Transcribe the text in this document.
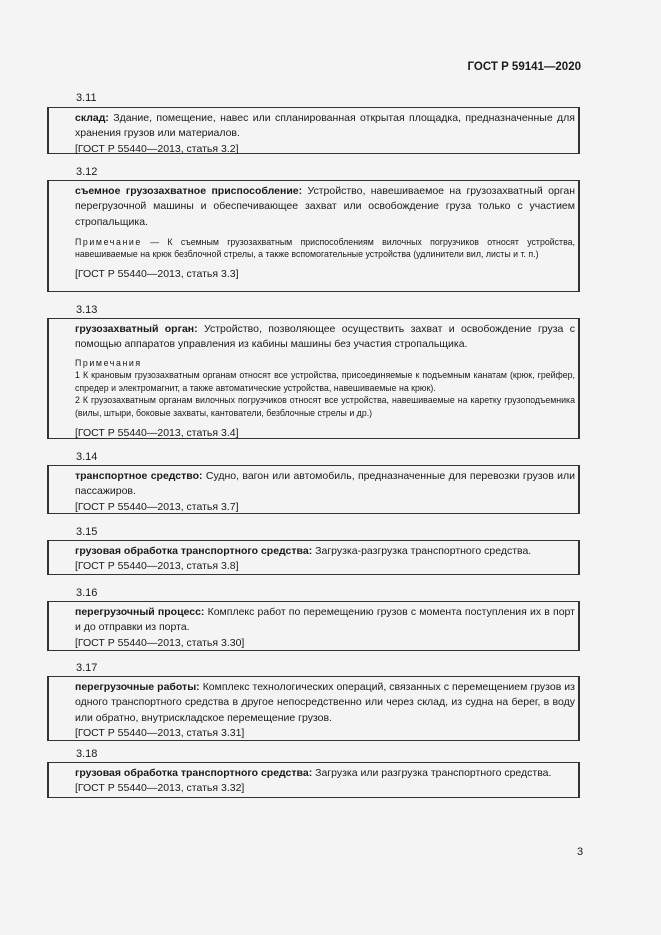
ГОСТ Р 59141—2020
3.11
склад: Здание, помещение, навес или спланированная открытая площадка, предназначенные для хранения грузов или материалов.
[ГОСТ Р 55440—2013, статья 3.2]
3.12
съемное грузозахватное приспособление: Устройство, навешиваемое на грузозахватный орган перегрузочной машины и обеспечивающее захват или освобождение груза только с участием стропальщика.
Примечание — К съемным грузозахватным приспособлениям вилочных погрузчиков относят устройства, навешиваемые на крюк безблочной стрелы, а также вспомогательные устройства (удлинители вил, листы и т. п.)
[ГОСТ Р 55440—2013, статья 3.3]
3.13
грузозахватный орган: Устройство, позволяющее осуществить захват и освобождение груза с помощью аппаратов управления из кабины машины без участия стропальщика.
Примечания
1 К крановым грузозахватным органам относят все устройства, присоединяемые к подъемным канатам (крюк, грейфер, спредер и электромагнит, а также автоматические устройства, навешиваемые на крюк).
2 К грузозахватным органам вилочных погрузчиков относят все устройства, навешиваемые на каретку грузоподъемника (вилы, штыри, боковые захваты, кантователи, безблочные стрелы и др.)
[ГОСТ Р 55440—2013, статья 3.4]
3.14
транспортное средство: Судно, вагон или автомобиль, предназначенные для перевозки грузов или пассажиров.
[ГОСТ Р 55440—2013, статья 3.7]
3.15
грузовая обработка транспортного средства: Загрузка-разгрузка транспортного средства.
[ГОСТ Р 55440—2013, статья 3.8]
3.16
перегрузочный процесс: Комплекс работ по перемещению грузов с момента поступления их в порт и до отправки из порта.
[ГОСТ Р 55440—2013, статья 3.30]
3.17
перегрузочные работы: Комплекс технологических операций, связанных с перемещением грузов из одного транспортного средства в другое непосредственно или через склад, из судна на берег, в воду или обратно, внутрискладское перемещение грузов.
[ГОСТ Р 55440—2013, статья 3.31]
3.18
грузовая обработка транспортного средства: Загрузка или разгрузка транспортного средства.
[ГОСТ Р 55440—2013, статья 3.32]
3
